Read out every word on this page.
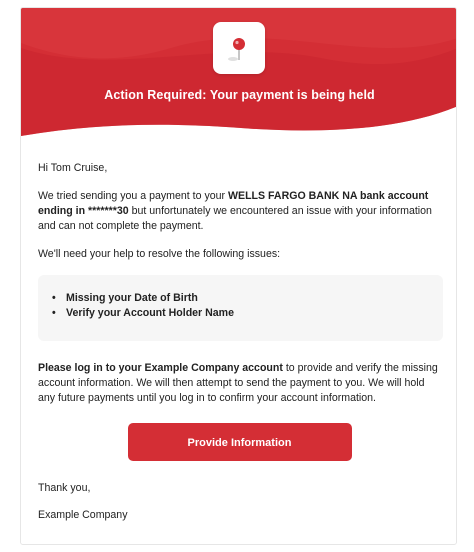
Action Required: Your payment is being held

Hi Tom Cruise,

We tried sending you a payment to your WELLS FARGO BANK NA bank account ending in *******30 but unfortunately we encountered an issue with your information and can not complete the payment.

We'll need your help to resolve the following issues:

• Missing your Date of Birth
• Verify your Account Holder Name

Please log in to your Example Company account to provide and verify the missing account information. We will then attempt to send the payment to you. We will hold any future payments until you log in to confirm your account information.

Provide Information
Thank you,
Example Company
